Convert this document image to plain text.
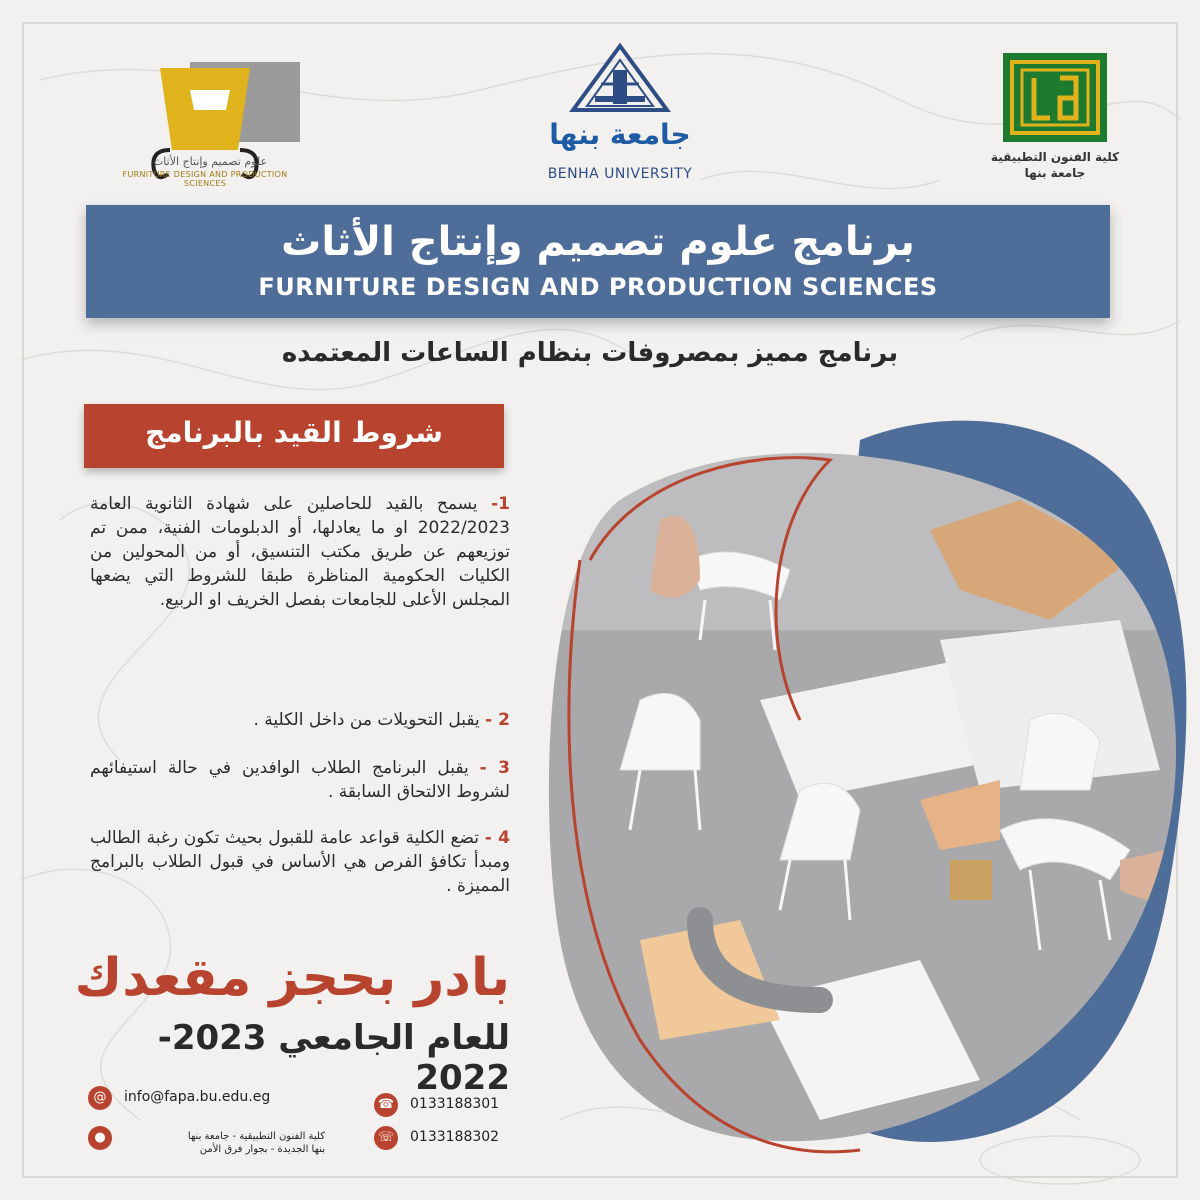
علوم تصميم وإنتاج الأثاث
FURNITURE DESIGN AND PRODUCTION SCIENCES
جامعة بنها
BENHA UNIVERSITY
كلية الفنون التطبيقية
جامعة بنها
برنامج علوم تصميم وإنتاج الأثاث
FURNITURE DESIGN AND PRODUCTION SCIENCES
برنامج مميز بمصروفات بنظام الساعات المعتمده
شروط القيد بالبرنامج
1- يسمح بالقيد للحاصلين على شهادة الثانوية العامة 2022/2023 او ما يعادلها، أو الدبلومات الفنية، ممن تم توزيعهم عن طريق مكتب التنسيق، أو من المحولين من الكليات الحكومية المناظرة طبقا للشروط التي يضعها المجلس الأعلى للجامعات بفصل الخريف او الربيع.
2 - يقبل التحويلات من داخل الكلية .
3 - يقبل البرنامج الطلاب الوافدين في حالة استيفائهم لشروط الالتحاق السابقة .
4 - تضع الكلية قواعد عامة للقبول بحيث تكون رغبة الطالب ومبدأ تكافؤ الفرص هي الأساس في قبول الطلاب بالبرامج المميزة .
بادر بحجز مقعدك
للعام الجامعي 2023-2022
@	info@fapa.bu.edu.eg
●	كلية الفنون التطبيقية - جامعة بنها
بنها الجديدة - بجوار فرق الأمن
☎ 0133188301
☏ 0133188302
